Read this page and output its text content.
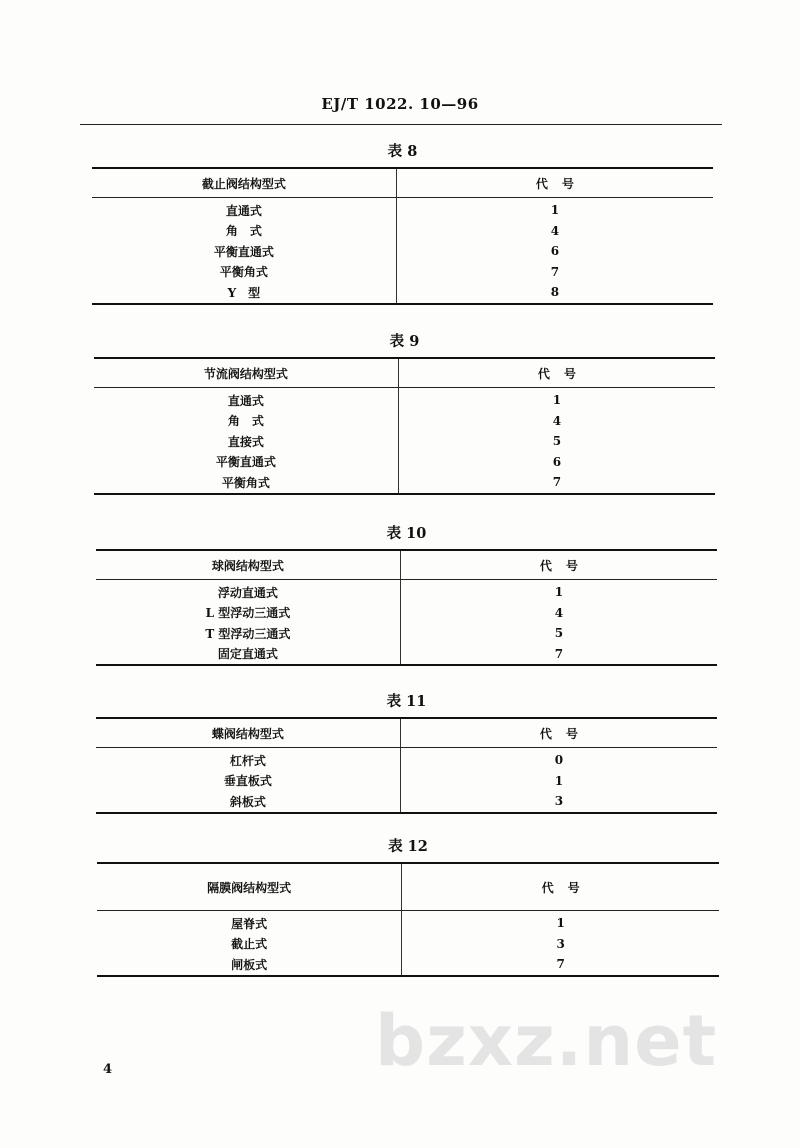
EJ/T 1022. 10—96
表 8
截止阀结构型式	代号
直通式	1
角　式	4
平衡直通式	6
平衡角式	7
Y　型	8
表 9
节流阀结构型式	代号
直通式	1
角　式	4
直接式	5
平衡直通式	6
平衡角式	7
表 10
球阀结构型式	代号
浮动直通式	1
L 型浮动三通式	4
T 型浮动三通式	5
固定直通式	7
表 11
蝶阀结构型式	代号
杠杆式	0
垂直板式	1
斜板式	3
表 12
隔膜阀结构型式	代号
屋脊式	1
截止式	3
闸板式	7
bzxz.net
4
